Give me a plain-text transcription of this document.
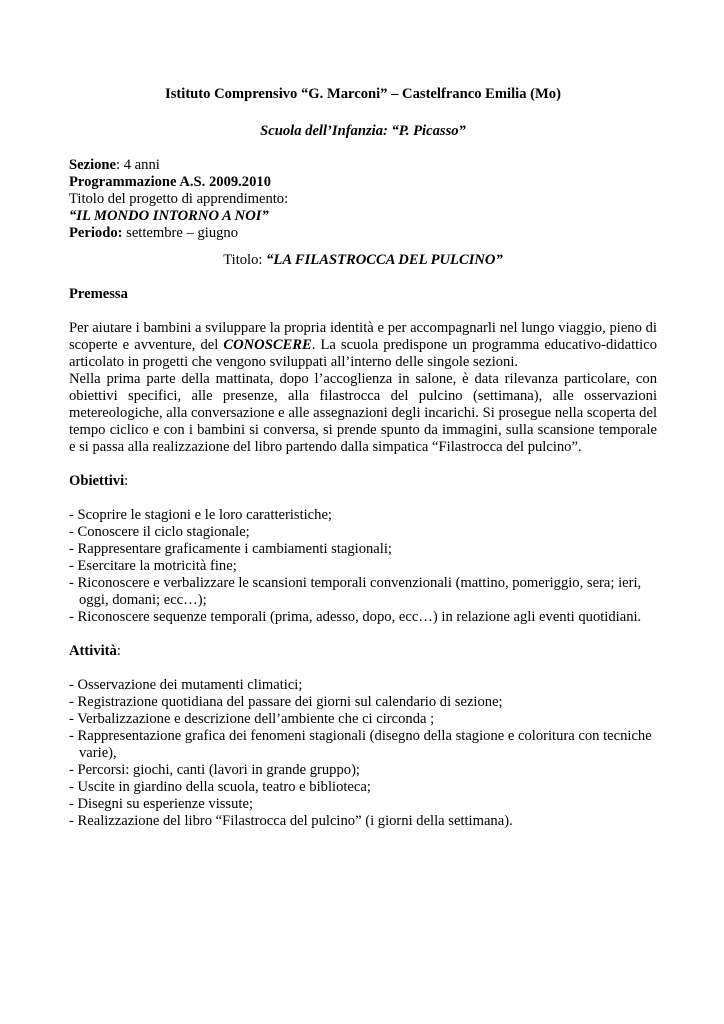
Istituto Comprensivo “G. Marconi” – Castelfranco Emilia (Mo)

Scuola dell’Infanzia: “P. Picasso”

Sezione: 4 anni

Programmazione A.S. 2009.2010

Titolo del progetto di apprendimento:

“IL MONDO INTORNO A NOI”

Periodo: settembre – giugno

Titolo: “LA FILASTROCCA DEL PULCINO”

Premessa

Per aiutare i bambini a sviluppare la propria identità e per accompagnarli nel lungo viaggio, pieno di scoperte e avventure, del CONOSCERE. La scuola predispone un programma educativo-didattico articolato in progetti che vengono sviluppati all’interno delle singole sezioni.

Nella prima parte della mattinata, dopo l’accoglienza in salone, è data rilevanza particolare, con obiettivi specifici, alle presenze, alla filastrocca del pulcino (settimana), alle osservazioni metereologiche, alla conversazione e alle assegnazioni degli incarichi. Si prosegue nella scoperta del tempo ciclico e con i bambini si conversa, si prende spunto da immagini, sulla scansione temporale e si passa alla realizzazione del libro partendo dalla simpatica “Filastrocca del pulcino”.

Obiettivi:

- Scoprire le stagioni e le loro caratteristiche;

- Conoscere il ciclo stagionale;

- Rappresentare graficamente i cambiamenti stagionali;

- Esercitare la motricità fine;

- Riconoscere e verbalizzare le scansioni temporali convenzionali (mattino, pomeriggio, sera; ieri, oggi, domani; ecc…);

- Riconoscere sequenze temporali (prima, adesso, dopo, ecc…) in relazione agli eventi quotidiani.

Attività:

- Osservazione dei mutamenti climatici;

- Registrazione quotidiana del passare dei giorni sul calendario di sezione;

- Verbalizzazione e descrizione dell’ambiente che ci circonda ;

- Rappresentazione grafica dei fenomeni stagionali (disegno della stagione e coloritura con tecniche varie),

- Percorsi: giochi, canti (lavori in grande gruppo);

- Uscite in giardino della scuola, teatro e biblioteca;

- Disegni su esperienze vissute;

- Realizzazione del libro “Filastrocca del pulcino” (i giorni della settimana).
